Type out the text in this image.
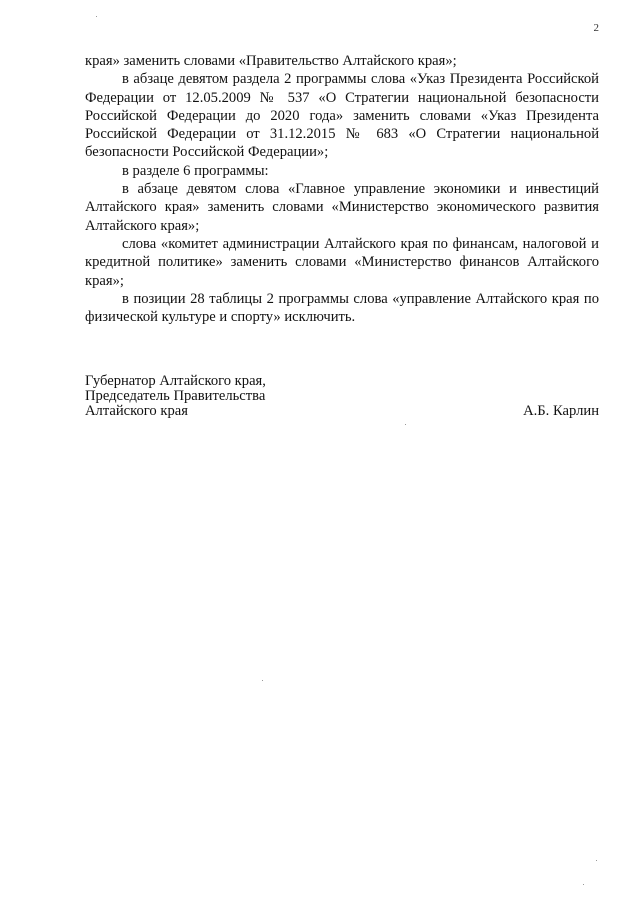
2

края» заменить словами «Правительство Алтайского края»;

в абзаце девятом раздела 2 программы слова «Указ Президента Российской Федерации от 12.05.2009 № 537 «О Стратегии национальной безопасности Российской Федерации до 2020 года» заменить словами «Указ Президента Российской Федерации от 31.12.2015 № 683 «О Стратегии национальной безопасности Российской Федерации»;

в разделе 6 программы:

в абзаце девятом слова «Главное управление экономики и инвестиций Алтайского края» заменить словами «Министерство экономического развития Алтайского края»;

слова «комитет администрации Алтайского края по финансам, налоговой и кредитной политике» заменить словами «Министерство финансов Алтайского края»;

в позиции 28 таблицы 2 программы слова «управление Алтайского края по физической культуре и спорту» исключить.

Губернатор Алтайского края,
Председатель Правительства
Алтайского края	А.Б. Карлин
